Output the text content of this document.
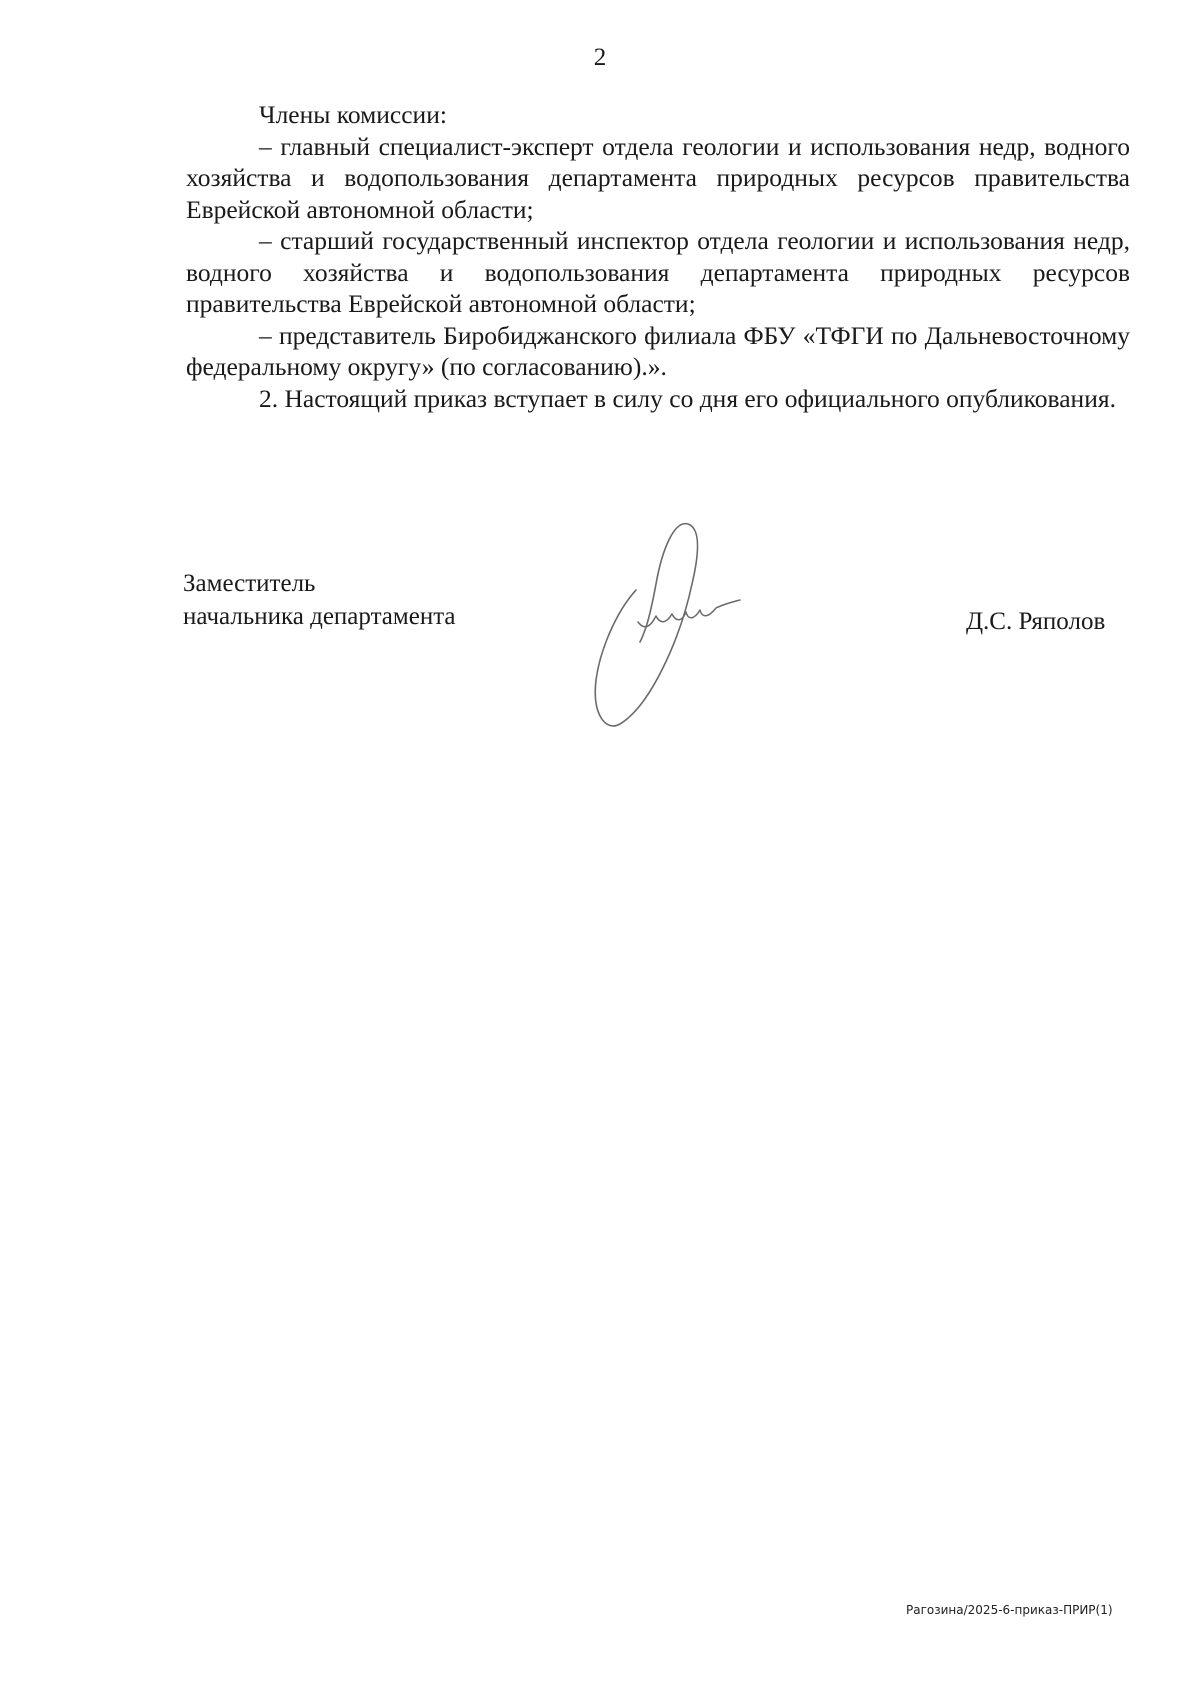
2

Члены комиссии:

– главный специалист-эксперт отдела геологии и использования недр, водного хозяйства и водопользования департамента природных ресурсов правительства Еврейской автономной области;

– старший государственный инспектор отдела геологии и использования недр, водного хозяйства и водопользования департамента природных ресурсов правительства Еврейской автономной области;

– представитель Биробиджанского филиала ФБУ «ТФГИ по Дальневосточному федеральному округу» (по согласованию).».

2. Настоящий приказ вступает в силу со дня его официального опубликования.

Заместитель
начальника департамента	Д.С. Ряполов
Рагозина/2025-6-приказ-ПРИР(1)
